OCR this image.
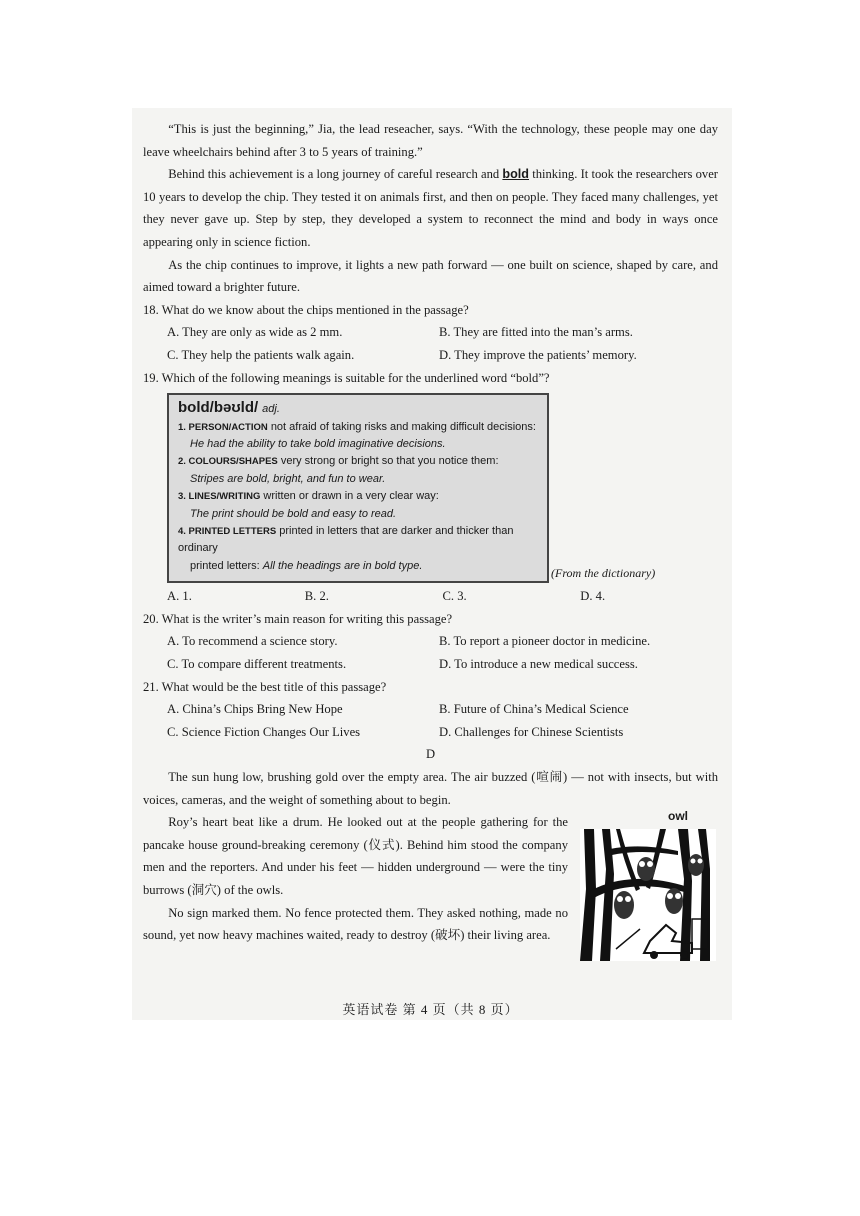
“This is just the beginning,” Jia, the lead reseacher, says. “With the technology, these people may one day leave wheelchairs behind after 3 to 5 years of training.”

Behind this achievement is a long journey of careful research and bold thinking. It took the researchers over 10 years to develop the chip. They tested it on animals first, and then on people. They faced many challenges, yet they never gave up. Step by step, they developed a system to reconnect the mind and body in ways once appearing only in science fiction.

As the chip continues to improve, it lights a new path forward — one built on science, shaped by care, and aimed toward a brighter future.

18. What do we know about the chips mentioned in the passage?

A. They are only as wide as 2 mm.	B. They are fitted into the man’s arms.
C. They help the patients walk again.	D. They improve the patients’ memory.

19. Which of the following meanings is suitable for the underlined word “bold”?

bold/bəʊld/ adj.
1. PERSON/ACTION not afraid of taking risks and making difficult decisions:
He had the ability to take bold imaginative decisions.
2. COLOURS/SHAPES very strong or bright so that you notice them:
Stripes are bold, bright, and fun to wear.
3. LINES/WRITING written or drawn in a very clear way:
The print should be bold and easy to read.
4. PRINTED LETTERS printed in letters that are darker and thicker than ordinary
printed letters: All the headings are in bold type.
(From the dictionary)
A. 1.	B. 2.	C. 3.	D. 4.

20. What is the writer’s main reason for writing this passage?

A. To recommend a science story.	B. To report a pioneer doctor in medicine.
C. To compare different treatments.	D. To introduce a new medical success.

21. What would be the best title of this passage?

A. China’s Chips Bring New Hope	B. Future of China’s Medical Science
C. Science Fiction Changes Our Lives	D. Challenges for Chinese Scientists
D

The sun hung low, brushing gold over the empty area. The air buzzed (喧闹) — not with insects, but with voices, cameras, and the weight of something about to begin.

Roy’s heart beat like a drum. He looked out at the people gathering for the pancake house ground-breaking ceremony (仪式). Behind him stood the company men and the reporters. And under his feet — hidden underground — were the tiny burrows (洞穴) of the owls.

No sign marked them. No fence protected them. They asked nothing, made no sound, yet now heavy machines waited, ready to destroy (破坏) their living area.

owl
英语试卷 第 4 页（共 8 页）
